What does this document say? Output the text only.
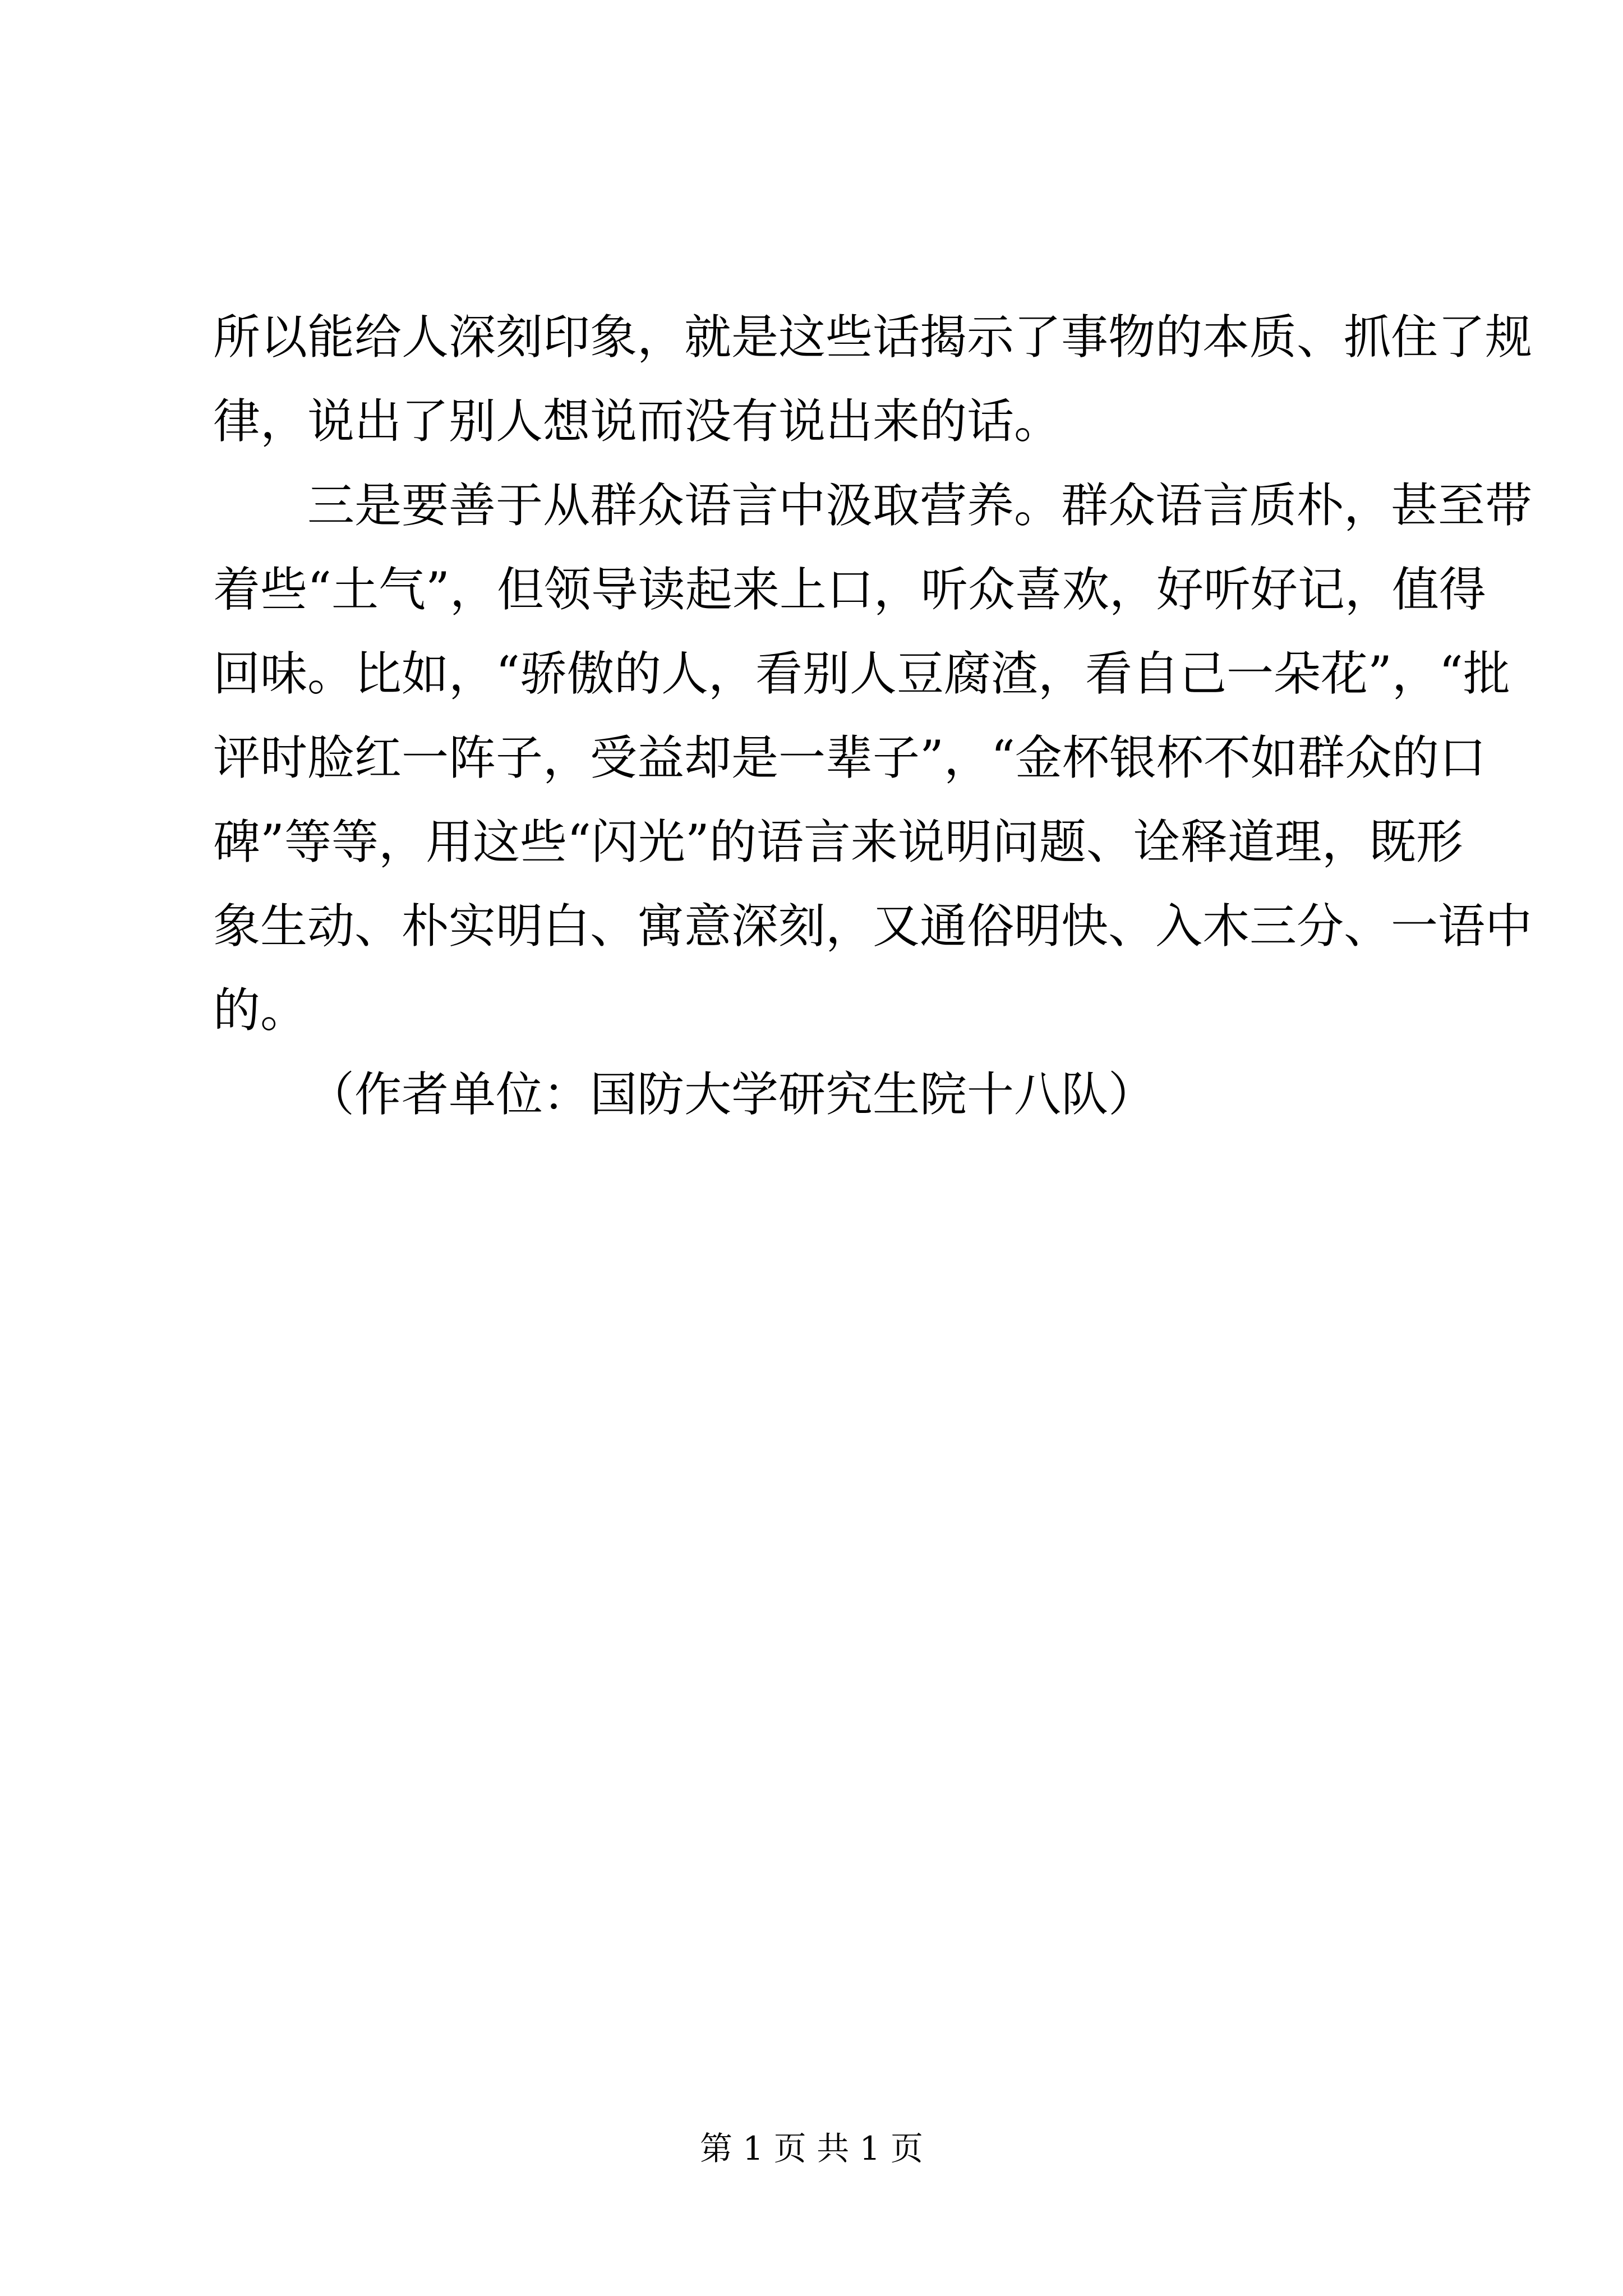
所以能给人深刻印象，就是这些话揭示了事物的本质、抓住了规
律，说出了别人想说而没有说出来的话。
三是要善于从群众语言中汲取营养。群众语言质朴，甚至带
着些“土气”，但领导读起来上口，听众喜欢，好听好记，值得
回味。比如，“骄傲的人，看别人豆腐渣，看自己一朵花”，“批
评时脸红一阵子，受益却是一辈子”，“金杯银杯不如群众的口
碑”等等，用这些“闪光”的语言来说明问题、诠释道理，既形
象生动、朴实明白、寓意深刻，又通俗明快、入木三分、一语中
的。
（作者单位：国防大学研究生院十八队）
第 1 页 共 1 页
